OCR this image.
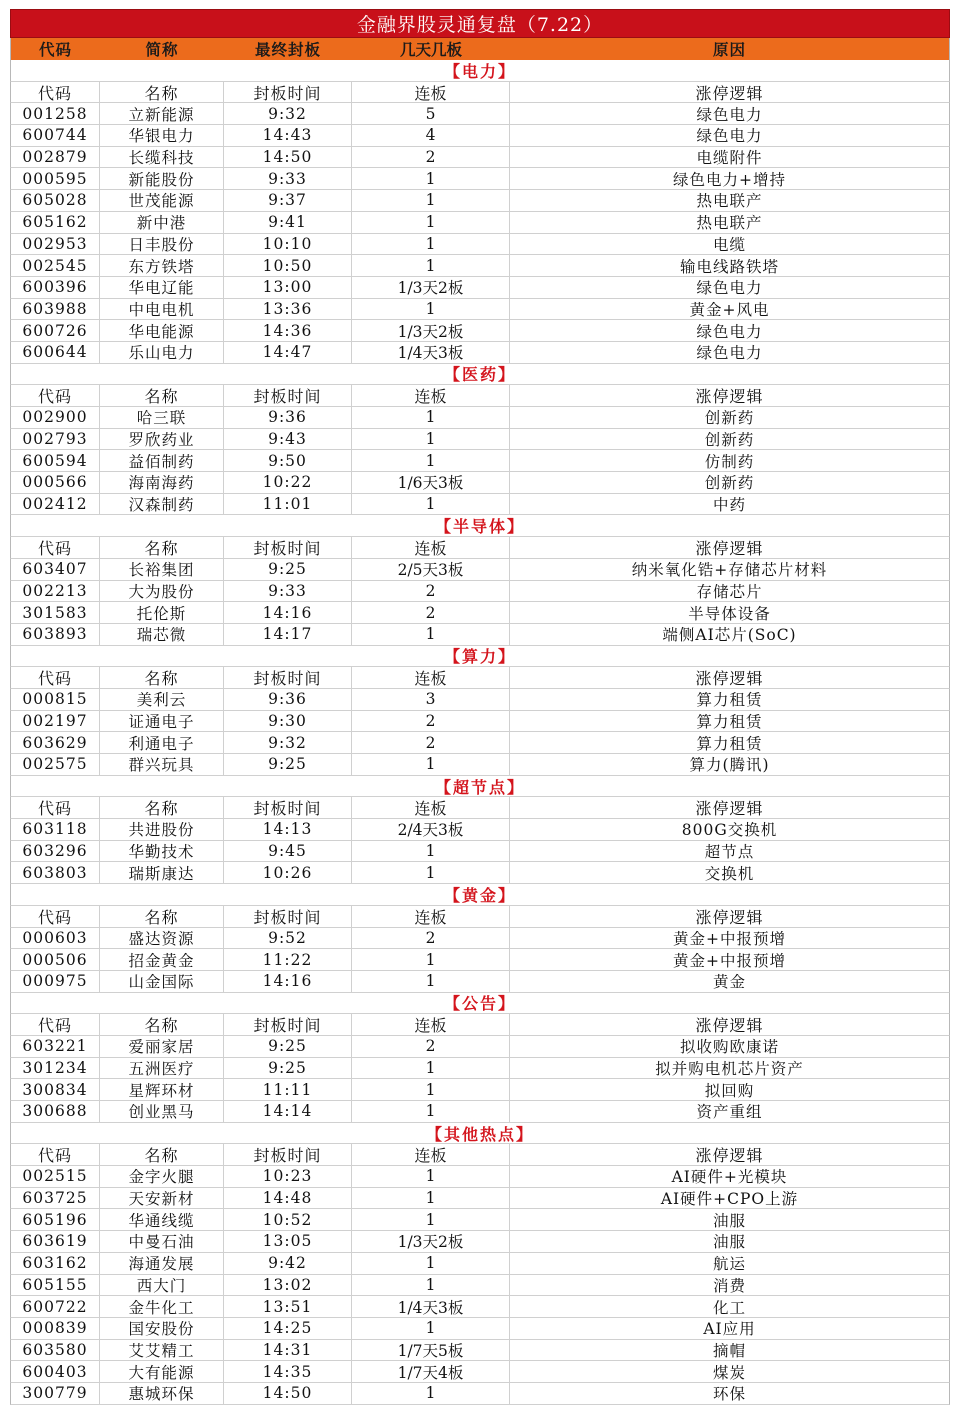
金融界股灵通复盘（7.22）
代码	简称	最终封板	几天几板	原因
【电力】
代码	名称	封板时间	连板	涨停逻辑
001258	立新能源	9:32	5	绿色电力
600744	华银电力	14:43	4	绿色电力
002879	长缆科技	14:50	2	电缆附件
000595	新能股份	9:33	1	绿色电力+增持
605028	世茂能源	9:37	1	热电联产
605162	新中港	9:41	1	热电联产
002953	日丰股份	10:10	1	电缆
002545	东方铁塔	10:50	1	输电线路铁塔
600396	华电辽能	13:00	1/3天2板	绿色电力
603988	中电电机	13:36	1	黄金+风电
600726	华电能源	14:36	1/3天2板	绿色电力
600644	乐山电力	14:47	1/4天3板	绿色电力
【医药】
代码	名称	封板时间	连板	涨停逻辑
002900	哈三联	9:36	1	创新药
002793	罗欣药业	9:43	1	创新药
600594	益佰制药	9:50	1	仿制药
000566	海南海药	10:22	1/6天3板	创新药
002412	汉森制药	11:01	1	中药
【半导体】
代码	名称	封板时间	连板	涨停逻辑
603407	长裕集团	9:25	2/5天3板	纳米氧化锆+存储芯片材料
002213	大为股份	9:33	2	存储芯片
301583	托伦斯	14:16	2	半导体设备
603893	瑞芯微	14:17	1	端侧AI芯片(SoC)
【算力】
代码	名称	封板时间	连板	涨停逻辑
000815	美利云	9:36	3	算力租赁
002197	证通电子	9:30	2	算力租赁
603629	利通电子	9:32	2	算力租赁
002575	群兴玩具	9:25	1	算力(腾讯)
【超节点】
代码	名称	封板时间	连板	涨停逻辑
603118	共进股份	14:13	2/4天3板	800G交换机
603296	华勤技术	9:45	1	超节点
603803	瑞斯康达	10:26	1	交换机
【黄金】
代码	名称	封板时间	连板	涨停逻辑
000603	盛达资源	9:52	2	黄金+中报预增
000506	招金黄金	11:22	1	黄金+中报预增
000975	山金国际	14:16	1	黄金
【公告】
代码	名称	封板时间	连板	涨停逻辑
603221	爱丽家居	9:25	2	拟收购欧康诺
301234	五洲医疗	9:25	1	拟并购电机芯片资产
300834	星辉环材	11:11	1	拟回购
300688	创业黑马	14:14	1	资产重组
【其他热点】
代码	名称	封板时间	连板	涨停逻辑
002515	金字火腿	10:23	1	AI硬件+光模块
603725	天安新材	14:48	1	AI硬件+CPO上游
605196	华通线缆	10:52	1	油服
603619	中曼石油	13:05	1/3天2板	油服
603162	海通发展	9:42	1	航运
605155	西大门	13:02	1	消费
600722	金牛化工	13:51	1/4天3板	化工
000839	国安股份	14:25	1	AI应用
603580	艾艾精工	14:31	1/7天5板	摘帽
600403	大有能源	14:35	1/7天4板	煤炭
300779	惠城环保	14:50	1	环保
